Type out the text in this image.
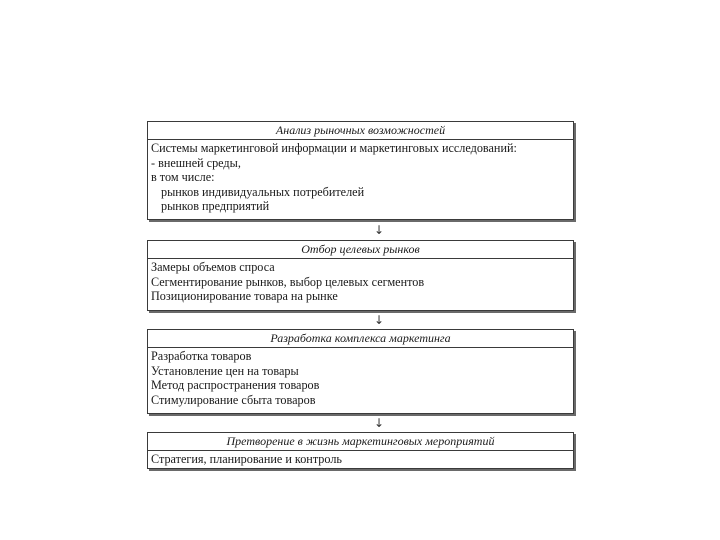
Анализ рыночных возможностей
Системы маркетинговой информации и маркетинговых исследований:
- внешней среды,
в том числе:
рынков индивидуальных потребителей
рынков предприятий
↓
Отбор целевых рынков
Замеры объемов спроса
Сегментирование рынков, выбор целевых сегментов
Позиционирование товара на рынке
↓
Разработка комплекса маркетинга
Разработка товаров
Установление цен на товары
Метод распространения товаров
Стимулирование сбыта товаров
↓
Претворение в жизнь маркетинговых мероприятий
Стратегия, планирование и контроль
